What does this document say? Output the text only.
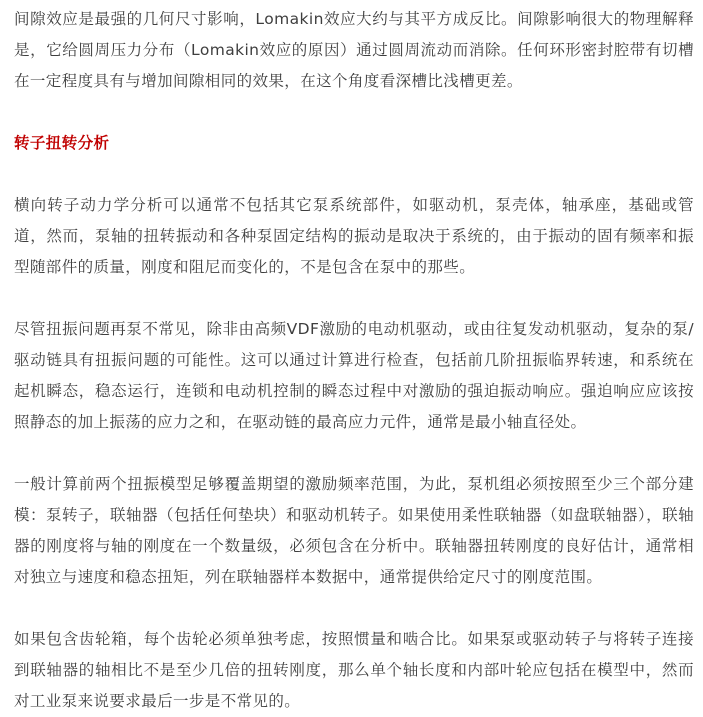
间隙效应是最强的几何尺寸影响，Lomakin效应大约与其平方成反比。间隙影响很大的物理解释是，它给圆周压力分布（Lomakin效应的原因）通过圆周流动而消除。任何环形密封腔带有切槽在一定程度具有与增加间隙相同的效果，在这个角度看深槽比浅槽更差。

转子扭转分析

横向转子动力学分析可以通常不包括其它泵系统部件，如驱动机，泵壳体，轴承座，基础或管道，然而，泵轴的扭转振动和各种泵固定结构的振动是取决于系统的，由于振动的固有频率和振型随部件的质量，刚度和阻尼而变化的，不是包含在泵中的那些。

尽管扭振问题再泵不常见，除非由高频VDF激励的电动机驱动，或由往复发动机驱动，复杂的泵/驱动链具有扭振问题的可能性。这可以通过计算进行检查，包括前几阶扭振临界转速，和系统在起机瞬态，稳态运行，连锁和电动机控制的瞬态过程中对激励的强迫振动响应。强迫响应应该按照静态的加上振荡的应力之和，在驱动链的最高应力元件，通常是最小轴直径处。

一般计算前两个扭振模型足够覆盖期望的激励频率范围，为此，泵机组必须按照至少三个部分建模：泵转子，联轴器（包括任何垫块）和驱动机转子。如果使用柔性联轴器（如盘联轴器），联轴器的刚度将与轴的刚度在一个数量级，必须包含在分析中。联轴器扭转刚度的良好估计，通常相对独立与速度和稳态扭矩，列在联轴器样本数据中，通常提供给定尺寸的刚度范围。

如果包含齿轮箱，每个齿轮必须单独考虑，按照惯量和啮合比。如果泵或驱动转子与将转子连接到联轴器的轴相比不是至少几倍的扭转刚度，那么单个轴长度和内部叶轮应包括在模型中，然而对工业泵来说要求最后一步是不常见的。
